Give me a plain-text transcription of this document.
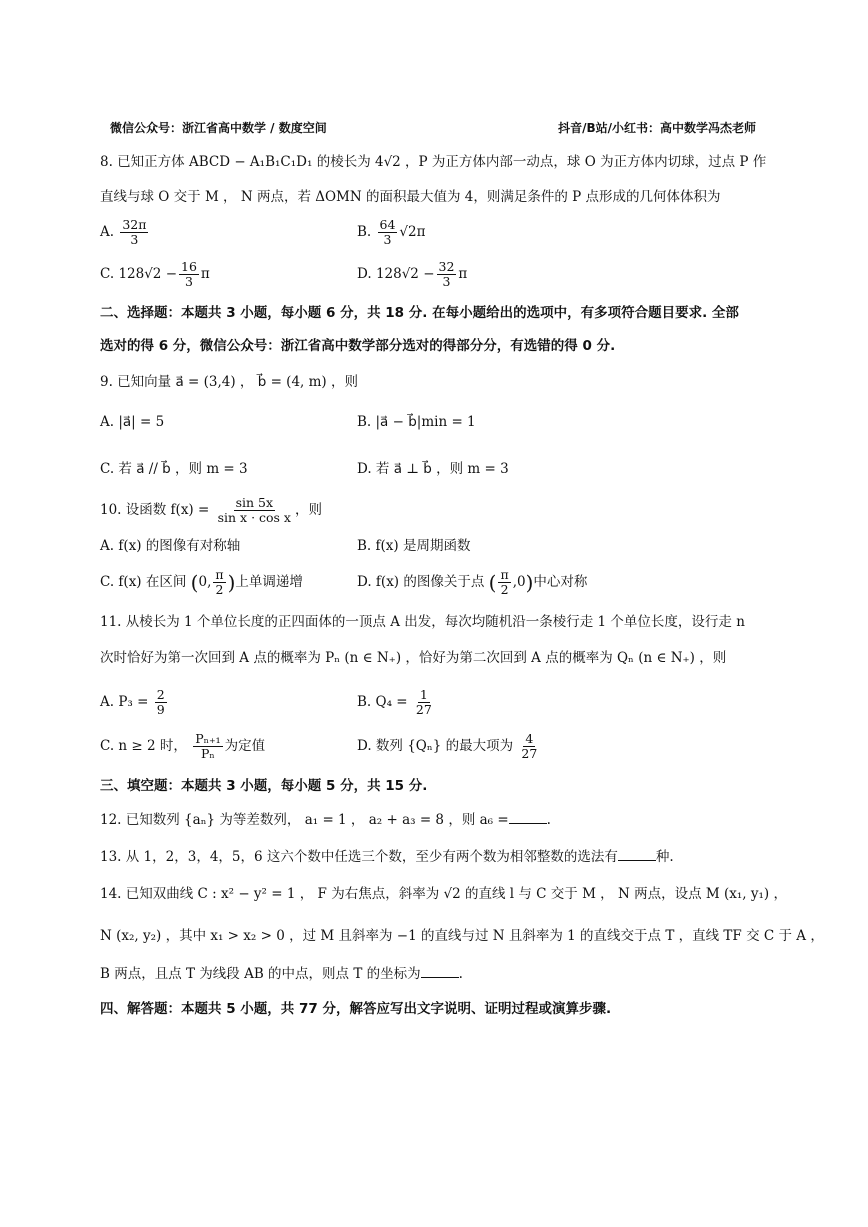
微信公众号：浙江省高中数学 / 数度空间	抖音/B站/小红书：高中数学冯杰老师
8. 已知正方体 ABCD − A₁B₁C₁D₁ 的棱长为 4√2 ，P 为正方体内部一动点，球 O 为正方体内切球，过点 P 作
直线与球 O 交于 M ， N 两点，若 ΔOMN 的面积最大值为 4，则满足条件的 P 点形成的几何体体积为
A. $\frac{32\pi}{3}$	B. $\frac{64}{3} √2\pi$
C. $128√2 - \frac{16}{3}$ π	D. $128√2 - \frac{32}{3}$ π
二、选择题：本题共 3 小题，每小题 6 分，共 18 分. 在每小题给出的选项中，有多项符合题目要求. 全部
选对的得 6 分，微信公众号：浙江省高中数学部分选对的得部分分，有选错的得 0 分.
9. 已知向量 a⃗ = (3,4) ， b⃗ = (4, m) ，则
A. |a⃗| = 5	B. |a⃗ − b⃗|min = 1
C. 若 a⃗ // b⃗ ，则 m = 3	D. 若 a⃗ ⊥ b⃗ ，则 m = 3
10. 设函数 $f(x) = \frac{\sin 5x}{\text{sin x · cos x}}$ ，则
A. f(x) 的图像有对称轴	B. f(x) 是周期函数
C. f(x) 在区间 (0, $\frac{\pi}{2}$ )上单调递增	D. f(x) 的图像关于点 ( $\frac{\pi}{2} ,0$)中心对称
11. 从棱长为 1 个单位长度的正四面体的一顶点 A 出发，每次均随机沿一条棱行走 1 个单位长度，设行走 n
次时恰好为第一次回到 A 点的概率为 Pₙ (n ∈ N₊) ，恰好为第二次回到 A 点的概率为 Qₙ (n ∈ N₊) ，则
A. $P_3 = \frac{2}{9}$	B. $Q_4 = \frac{1}{27}$
C. n ≥ 2 时， $\frac{\text{Pₙ₊₁}}{\text{Pₙ}}$ 为定值	D. 数列 {Qₙ} 的最大项为 $\frac{4}{27}$
三、填空题：本题共 3 小题，每小题 5 分，共 15 分.
12. 已知数列 {aₙ} 为等差数列， a₁ = 1 ， a₂ + a₃ = 8 ，则 a₆ =	.
13. 从 1，2，3，4，5，6 这六个数中任选三个数，至少有两个数为相邻整数的选法有	种.
14. 已知双曲线 C : x² − y² = 1 ， F 为右焦点，斜率为 √2 的直线 l 与 C 交于 M ， N 两点，设点 M (x₁, y₁) ，
N (x₂, y₂) ，其中 x₁ > x₂ > 0 ，过 M 且斜率为 −1 的直线与过 N 且斜率为 1 的直线交于点 T ，直线 TF 交 C 于 A ，
B 两点，且点 T 为线段 AB 的中点，则点 T 的坐标为	.
四、解答题：本题共 5 小题，共 77 分，解答应写出文字说明、证明过程或演算步骤.
